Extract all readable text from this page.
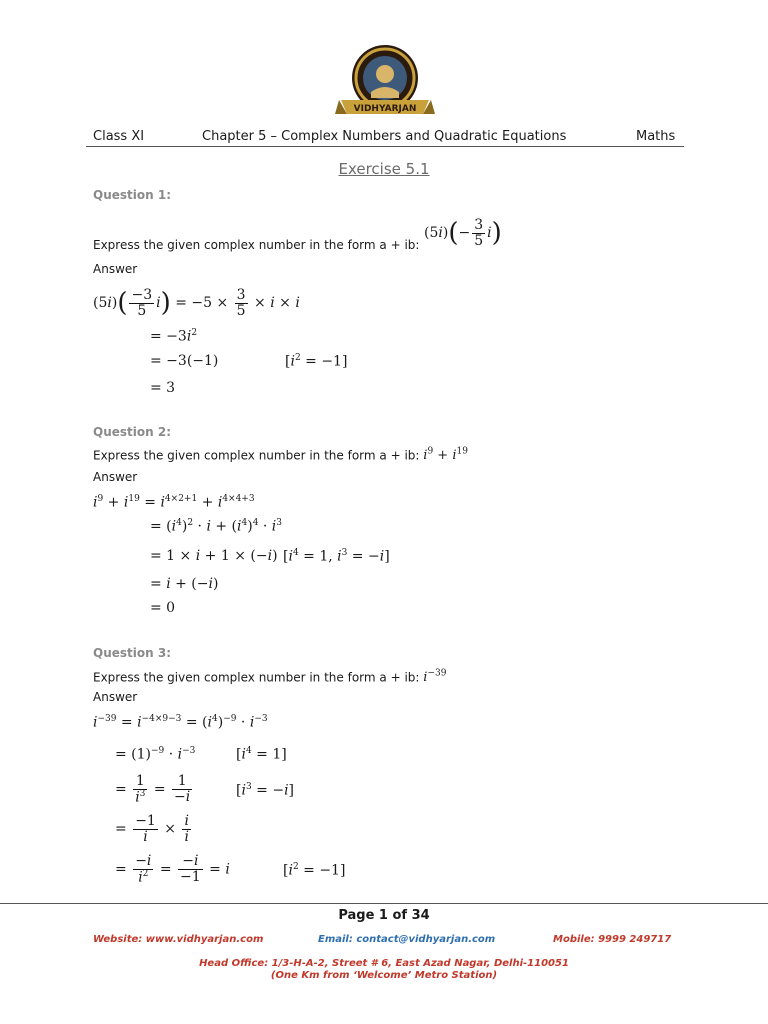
VIDHYARJAN
Class XI	Chapter 5 – Complex Numbers and Quadratic Equations	Maths
Exercise 5.1
Question 1:
Express the given complex number in the form a + ib:
$(5i)(- \frac{3}{5} i)$
Answer
$(5i)( \frac{-3}{5} i) = -5 \times \frac{3}{5} \times i \times i$
= $-3i^2$
= −3(−1)	$[i^2 = -1]$
= 3
Question 2:
Express the given complex number in the form a + ib: $i^9 + i^{19}$
Answer
$i^9 + i^{19} = i^{4\times 2+1} + i^{4\times 4+3}$
= $(i^4)^2 \cdot i + (i^4)^4 \cdot i^3$
= 1 × i + 1 × (−i) [$i^4 = 1$, $i^3 = -i$]
= i + (−i)
= 0
Question 3:
Express the given complex number in the form a + ib: $i^{-39}$
Answer
$i^{-39} = i^{-4\times 9-3} = (i^4)^{-9} \cdot i^{-3}$
= $(1)^{-9} \cdot i^{-3}$	$[i^4 = 1]$
= $\frac{1}{i^3} = \frac{1}{-i}$	$[i^3 = -i]$
= $\frac{-1}{i} \times \frac{i}{i}$
= $\frac{-i}{i^2} = \frac{-i}{-1} = i$	$[i^2 = -1]$
Page 1 of 34
Website: www.vidhyarjan.com	Email: contact@vidhyarjan.com	Mobile: 9999 249717
Head Office: 1/3-H-A-2, Street # 6, East Azad Nagar, Delhi-110051
(One Km from ‘Welcome’ Metro Station)
